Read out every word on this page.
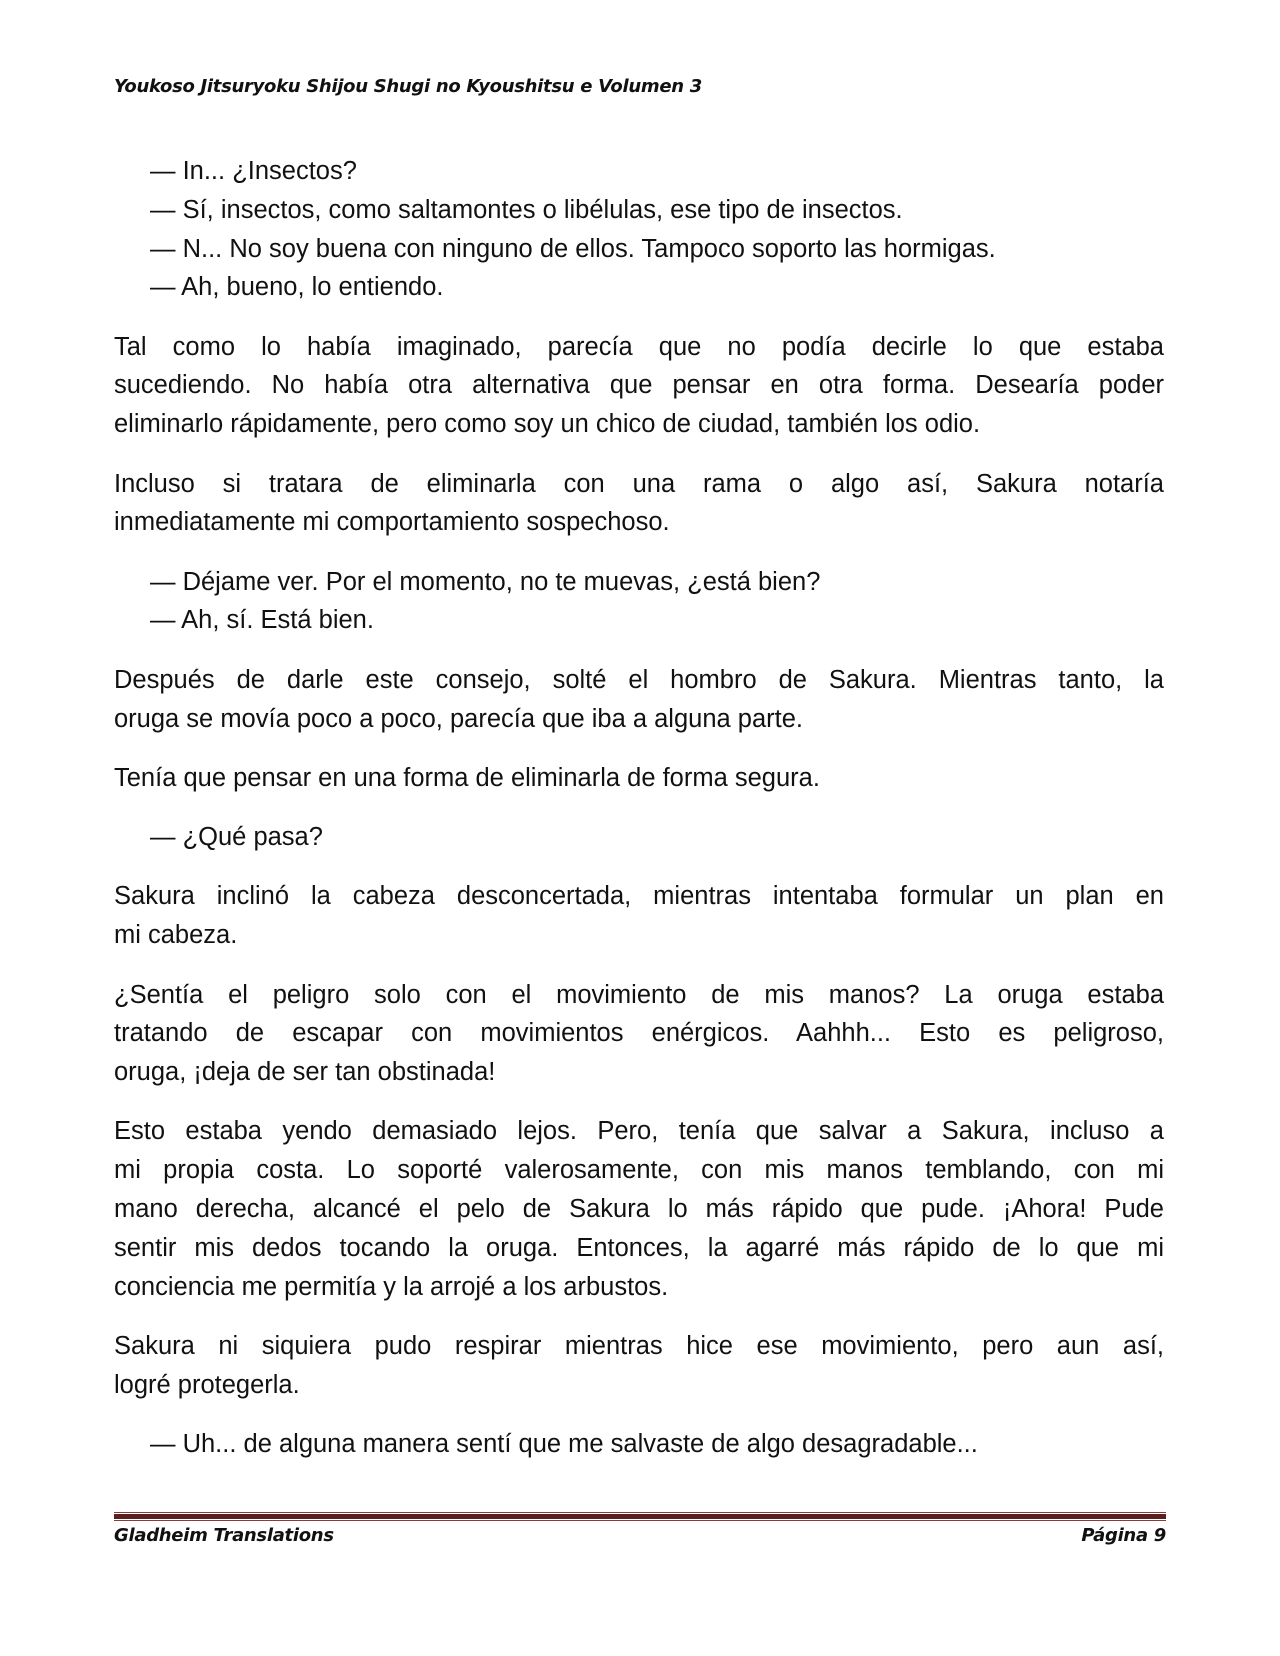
Youkoso Jitsuryoku Shijou Shugi no Kyoushitsu e Volumen 3
— In... ¿Insectos?
— Sí, insectos, como saltamontes o libélulas, ese tipo de insectos.
— N... No soy buena con ninguno de ellos. Tampoco soporto las hormigas.
— Ah, bueno, lo entiendo.
Tal como lo había imaginado, parecía que no podía decirle lo que estaba
sucediendo. No había otra alternativa que pensar en otra forma. Desearía poder
eliminarlo rápidamente, pero como soy un chico de ciudad, también los odio.
Incluso si tratara de eliminarla con una rama o algo así, Sakura notaría
inmediatamente mi comportamiento sospechoso.
— Déjame ver. Por el momento, no te muevas, ¿está bien?
— Ah, sí. Está bien.
Después de darle este consejo, solté el hombro de Sakura. Mientras tanto, la
oruga se movía poco a poco, parecía que iba a alguna parte.
Tenía que pensar en una forma de eliminarla de forma segura.
— ¿Qué pasa?
Sakura inclinó la cabeza desconcertada, mientras intentaba formular un plan en
mi cabeza.
¿Sentía el peligro solo con el movimiento de mis manos? La oruga estaba
tratando de escapar con movimientos enérgicos. Aahhh... Esto es peligroso,
oruga, ¡deja de ser tan obstinada!
Esto estaba yendo demasiado lejos. Pero, tenía que salvar a Sakura, incluso a
mi propia costa. Lo soporté valerosamente, con mis manos temblando, con mi
mano derecha, alcancé el pelo de Sakura lo más rápido que pude. ¡Ahora! Pude
sentir mis dedos tocando la oruga. Entonces, la agarré más rápido de lo que mi
conciencia me permitía y la arrojé a los arbustos.
Sakura ni siquiera pudo respirar mientras hice ese movimiento, pero aun así,
logré protegerla.
— Uh... de alguna manera sentí que me salvaste de algo desagradable...
Gladheim Translations	Página 9
